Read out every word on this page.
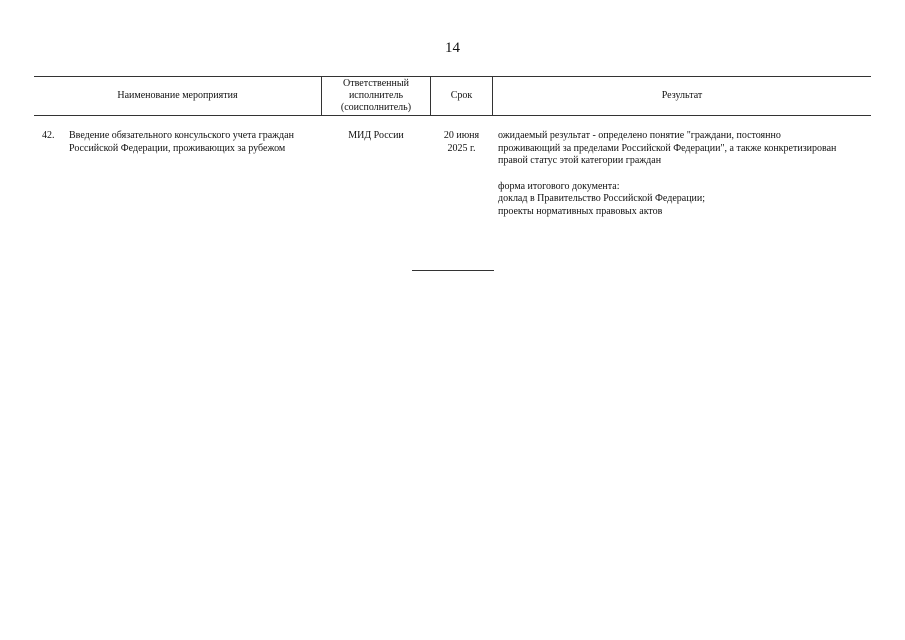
14
Наименование мероприятия
Ответственный
исполнитель
(соисполнитель)
Срок	Результат
42. Введение обязательного консульского учета граждан
Российской Федерации, проживающих за рубежом
МИД России	20 июня
2025 г.
ожидаемый результат - определено понятие "граждани, постоянно
проживающий за пределами Российской Федерации", а также конкретизирован
правой статус этой категории граждан
форма итогового документа:
доклад в Правительство Российской Федерации;
проекты нормативных правовых актов
